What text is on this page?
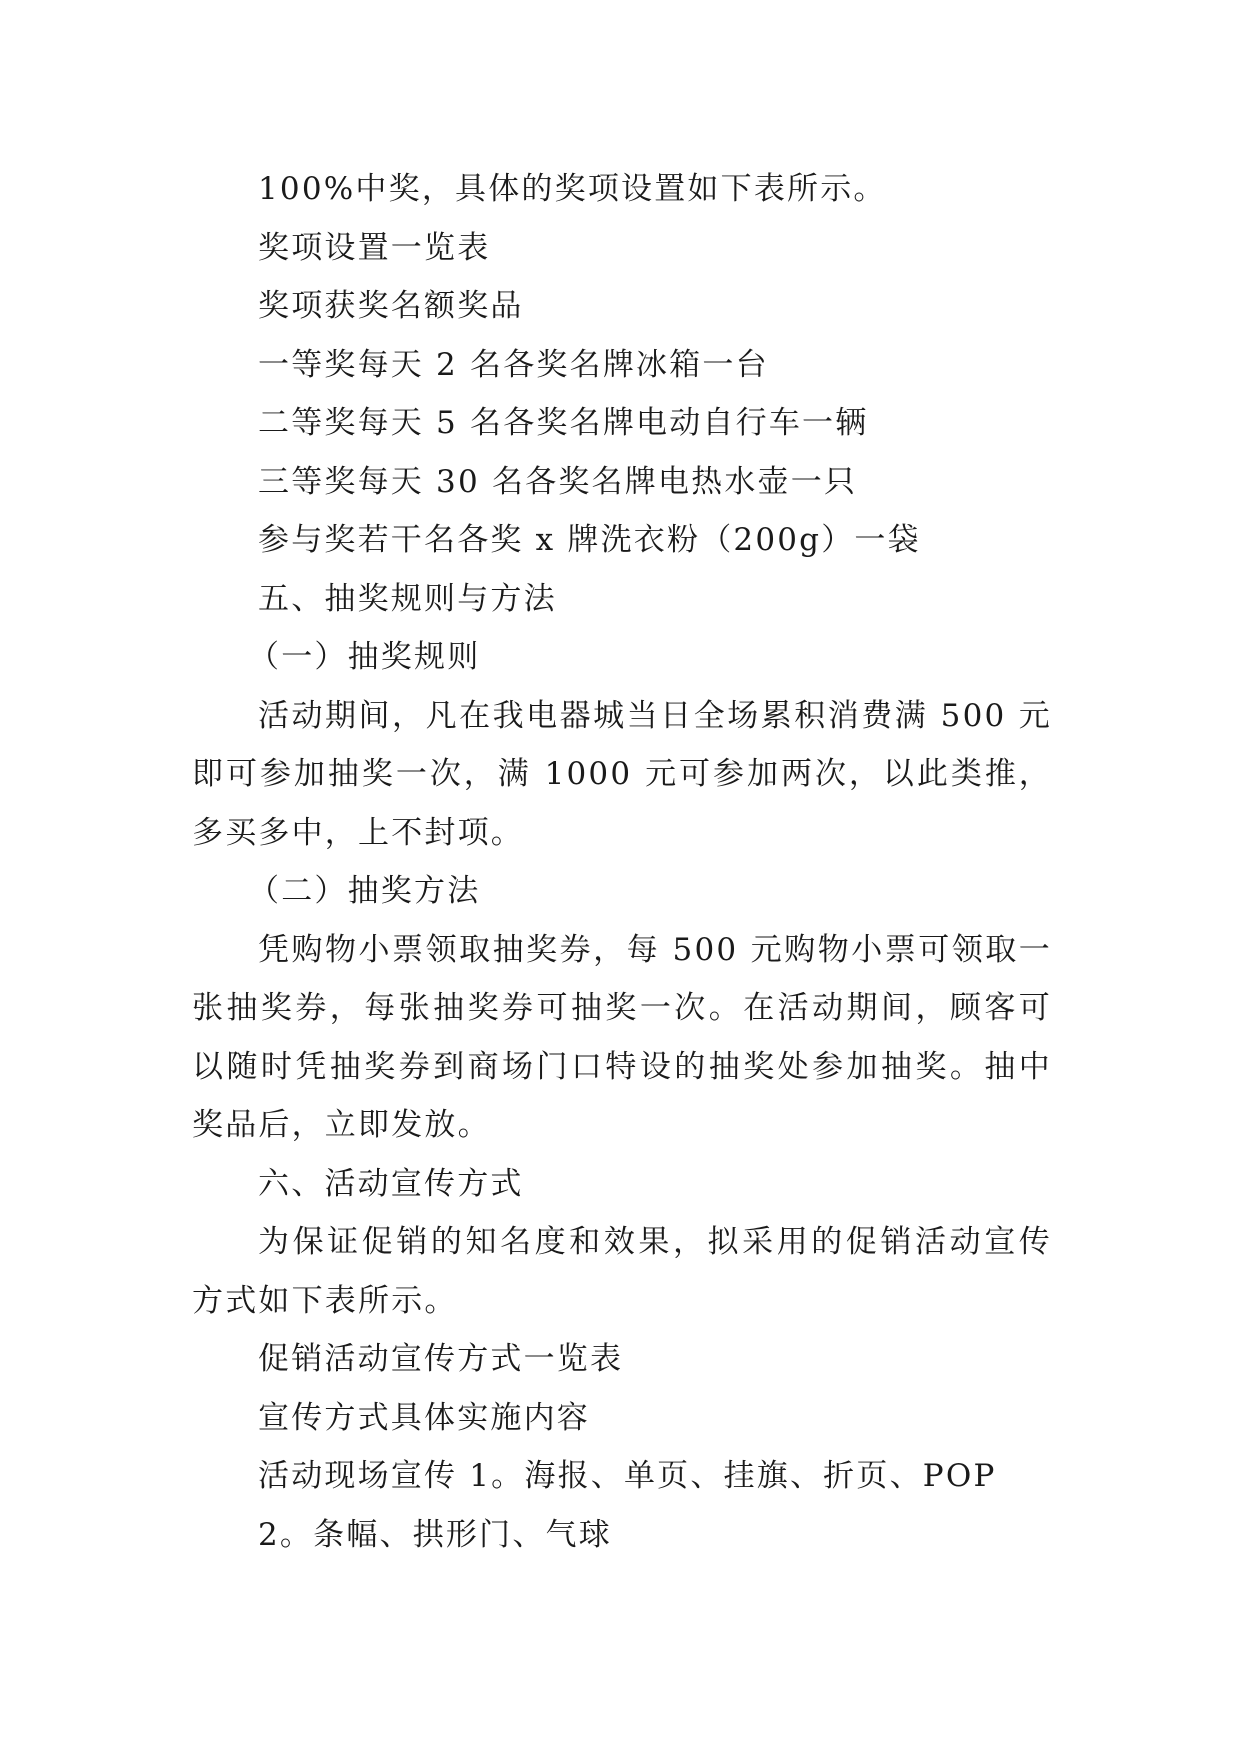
100%中奖，具体的奖项设置如下表所示。

奖项设置一览表

奖项获奖名额奖品

一等奖每天 2 名各奖名牌冰箱一台

二等奖每天 5 名各奖名牌电动自行车一辆

三等奖每天 30 名各奖名牌电热水壶一只

参与奖若干名各奖 x 牌洗衣粉（200g）一袋

五、抽奖规则与方法

（一）抽奖规则

活动期间，凡在我电器城当日全场累积消费满 500 元即可参加抽奖一次，满 1000 元可参加两次，以此类推，多买多中，上不封项。

（二）抽奖方法

凭购物小票领取抽奖券，每 500 元购物小票可领取一张抽奖券，每张抽奖券可抽奖一次。在活动期间，顾客可以随时凭抽奖券到商场门口特设的抽奖处参加抽奖。抽中奖品后，立即发放。

六、活动宣传方式

为保证促销的知名度和效果，拟采用的促销活动宣传方式如下表所示。

促销活动宣传方式一览表

宣传方式具体实施内容

活动现场宣传 1。海报、单页、挂旗、折页、POP

2。条幅、拱形门、气球
